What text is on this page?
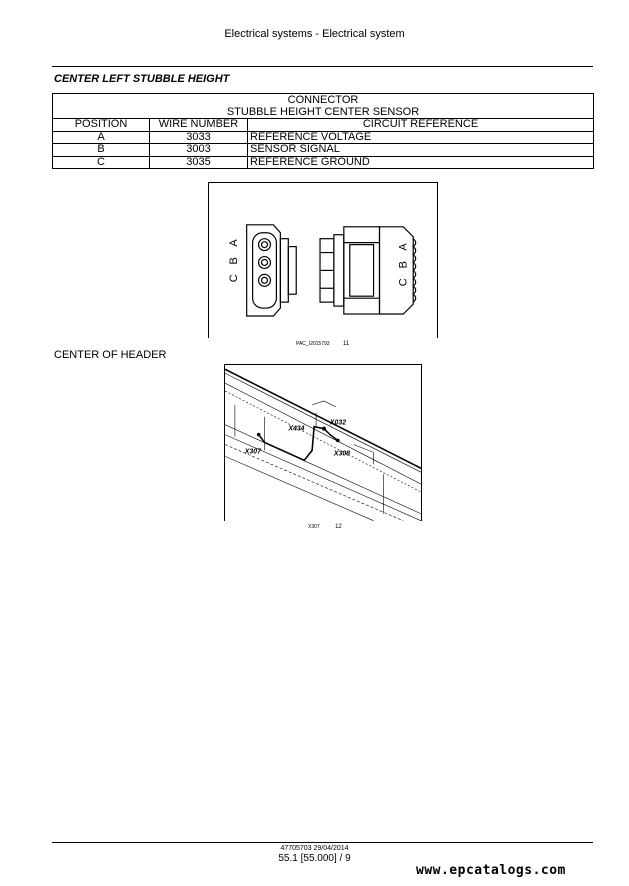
Electrical systems - Electrical system
CENTER LEFT STUBBLE HEIGHT
CONNECTOR		
STUBBLE HEIGHT CENTER SENSOR		
POSITION	WIRE NUMBER	CIRCUIT REFERENCE
A	3033	REFERENCE VOLTAGE
B	3003	SENSOR SIGNAL
C	3035	REFERENCE GROUND
C
B
A
C
B
A
PAC_I2015793 11
CENTER OF HEADER
X032
X434
X308
X307
X307	12
47705703 29/04/2014
55.1 [55.000] / 9
www.epcatalogs.com
